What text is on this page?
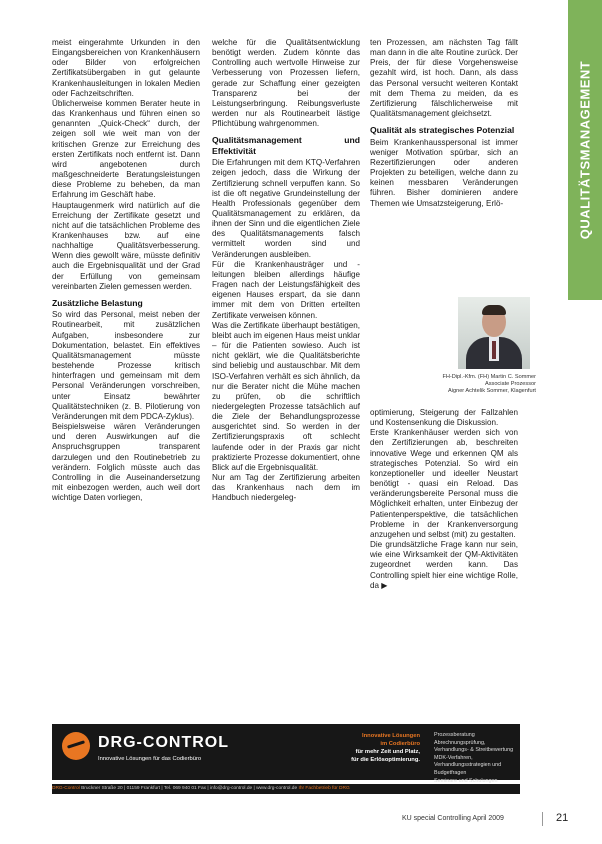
QUALITÄTSMANAGEMENT

meist eingerahmte Urkunden in den Eingangsbereichen von Krankenhäusern oder Bilder von erfolgreichen Zertifikatsübergaben in gut gelaunte Krankenhausleitungen in lokalen Medien oder Fachzeitschriften.
Üblicherweise kommen Berater heute in das Krankenhaus und führen einen so genannten „Quick-Check“ durch, der zeigen soll wie weit man von der kritischen Grenze zur Erreichung des ersten Zertifikats noch entfernt ist. Dann wird angebotenen durch maßgeschneiderte Beratungsleistungen diese Probleme zu beheben, da man Erfahrung im Geschäft habe.
Hauptaugenmerk wird natürlich auf die Erreichung der Zertifikate gesetzt und nicht auf die tatsächlichen Probleme des Krankenhauses bzw. auf eine nachhaltige Qualitätsverbesserung. Wenn dies gewollt wäre, müsste definitiv auch die Ergebnisqualität und der Grad der Erfüllung von gemeinsam vereinbarten Zielen gemessen werden.

Zusätzliche Belastung

So wird das Personal, meist neben der Routinearbeit, mit zusätzlichen Aufgaben, insbesondere zur Dokumentation, belastet. Ein effektives Qualitätsmanagement müsste bestehende Prozesse kritisch hinterfragen und gemeinsam mit dem Personal Veränderungen vorschreiben, unter Einsatz bewährter Qualitätstechniken (z. B. Pilotierung von Veränderungen mit dem PDCA-Zyklus).
Beispielsweise wären Veränderungen und deren Auswirkungen auf die Anspruchsgruppen transparent darzulegen und den Routinebetrieb zu verändern. Folglich müsste auch das Controlling in die Auseinandersetzung mit einbezogen werden, auch weil dort wichtige Daten vorliegen,

welche für die Qualitätsentwicklung benötigt werden. Zudem könnte das Controlling auch wertvolle Hinweise zur Verbesserung von Prozessen liefern, gerade zur Schaffung einer gezeigten Transparenz bei der Leistungserbringung. Reibungsverluste werden nur als Routinearbeit lästige Pflichtübung wahrgenommen.

Qualitätsmanagement und Effektivität

Die Erfahrungen mit dem KTQ-Verfahren zeigen jedoch, dass die Wirkung der Zertifizierung schnell verpuffen kann. So ist die oft negative Grundeinstellung der Health Professionals gegenüber dem Qualitätsmanagement zu erklären, da ihnen der Sinn und die eigentlichen Ziele des Qualitätsmanagements falsch vermittelt worden sind und Veränderungen ausbleiben.
Für die Krankenhausträger und -leitungen bleiben allerdings häufige Fragen nach der Leistungsfähigkeit des eigenen Hauses erspart, da sie dann immer mit dem von Dritten erteilten Zertifikate verweisen können.
Was die Zertifikate überhaupt bestätigen, bleibt auch im eigenen Haus meist unklar – für die Patienten sowieso. Auch ist nicht geklärt, wie die Qualitätsberichte sind beliebig und austauschbar. Mit dem ISO-Verfahren verhält es sich ähnlich, da nur die Berater nicht die Mühe machen zu prüfen, ob die schriftlich niedergelegten Prozesse tatsächlich auf die Ziele der Behandlungsprozesse ausgerichtet sind. So werden in der Zertifizierungspraxis oft schlecht laufende oder in der Praxis gar nicht praktizierte Prozesse dokumentiert, ohne Blick auf die Ergebnisqualität.
Nur am Tag der Zertifizierung arbeiten das Krankenhaus nach dem im Handbuch niedergeleg-

ten Prozessen, am nächsten Tag fällt man dann in die alte Routine zurück. Der Preis, der für diese Vorgehensweise gezahlt wird, ist hoch. Dann, als dass das Personal versucht weiteren Kontakt mit dem Thema zu meiden, da es Zertifizierung fälschlicherweise mit Qualitätsmanagement gleichsetzt.

Qualität als strategisches Potenzial

Beim Krankenhausspersonal ist immer weniger Motivation spürbar, sich an Rezertifizierungen oder anderen Projekten zu beteiligen, welche dann zu keinen messbaren Veränderungen führen. Bisher dominieren andere Themen wie Umsatzsteigerung, Erlö-

FH-Dipl.-Kfm. (FH) Martin C. Sommer

Associate Prozessor

Aigner Achtelik Sommer, Klagenfurt

optimierung, Steigerung der Fallzahlen und Kostensenkung die Diskussion.
Erste Krankenhäuser werden sich von den Zertifizierungen ab, beschreiten innovative Wege und erkennen QM als strategisches Potenzial. So wird ein konzeptioneller und ideeller Neustart benötigt - quasi ein Reload. Das veränderungsbereite Personal muss die Möglichkeit erhalten, unter Einbezug der Patientenperspektive, die tatsächlichen Probleme in der Krankenversorgung anzugehen und selbst (mit) zu gestalten.
Die grundsätzliche Frage kann nur sein, wie eine Wirksamkeit der QM-Aktivitäten zugeordnet werden kann. Das Controlling spielt hier eine wichtige Rolle, da ▶

DRG-CONTROL
Innovative Lösungen für das Codierbüro
Innovative Lösungen
im Codierbüro
für mehr Zeit und Platz,
für die Erlösoptimierung.
Prozessberatung
Abrechnungsprüfung, Verhandlungs- & Streitbewertung
MDK-Verfahren, Verhandlungsstrategien und Budgetfragen
Seminare und Schulungen
DRG-Control Bruckner Straße 20 | 01159 Frankfurt | Tel. 069 940 01 Fax | info@drg-control.de | www.drg-control.de Ihr Fachbetrieb für DRG
KU special Controlling April 2009	21
